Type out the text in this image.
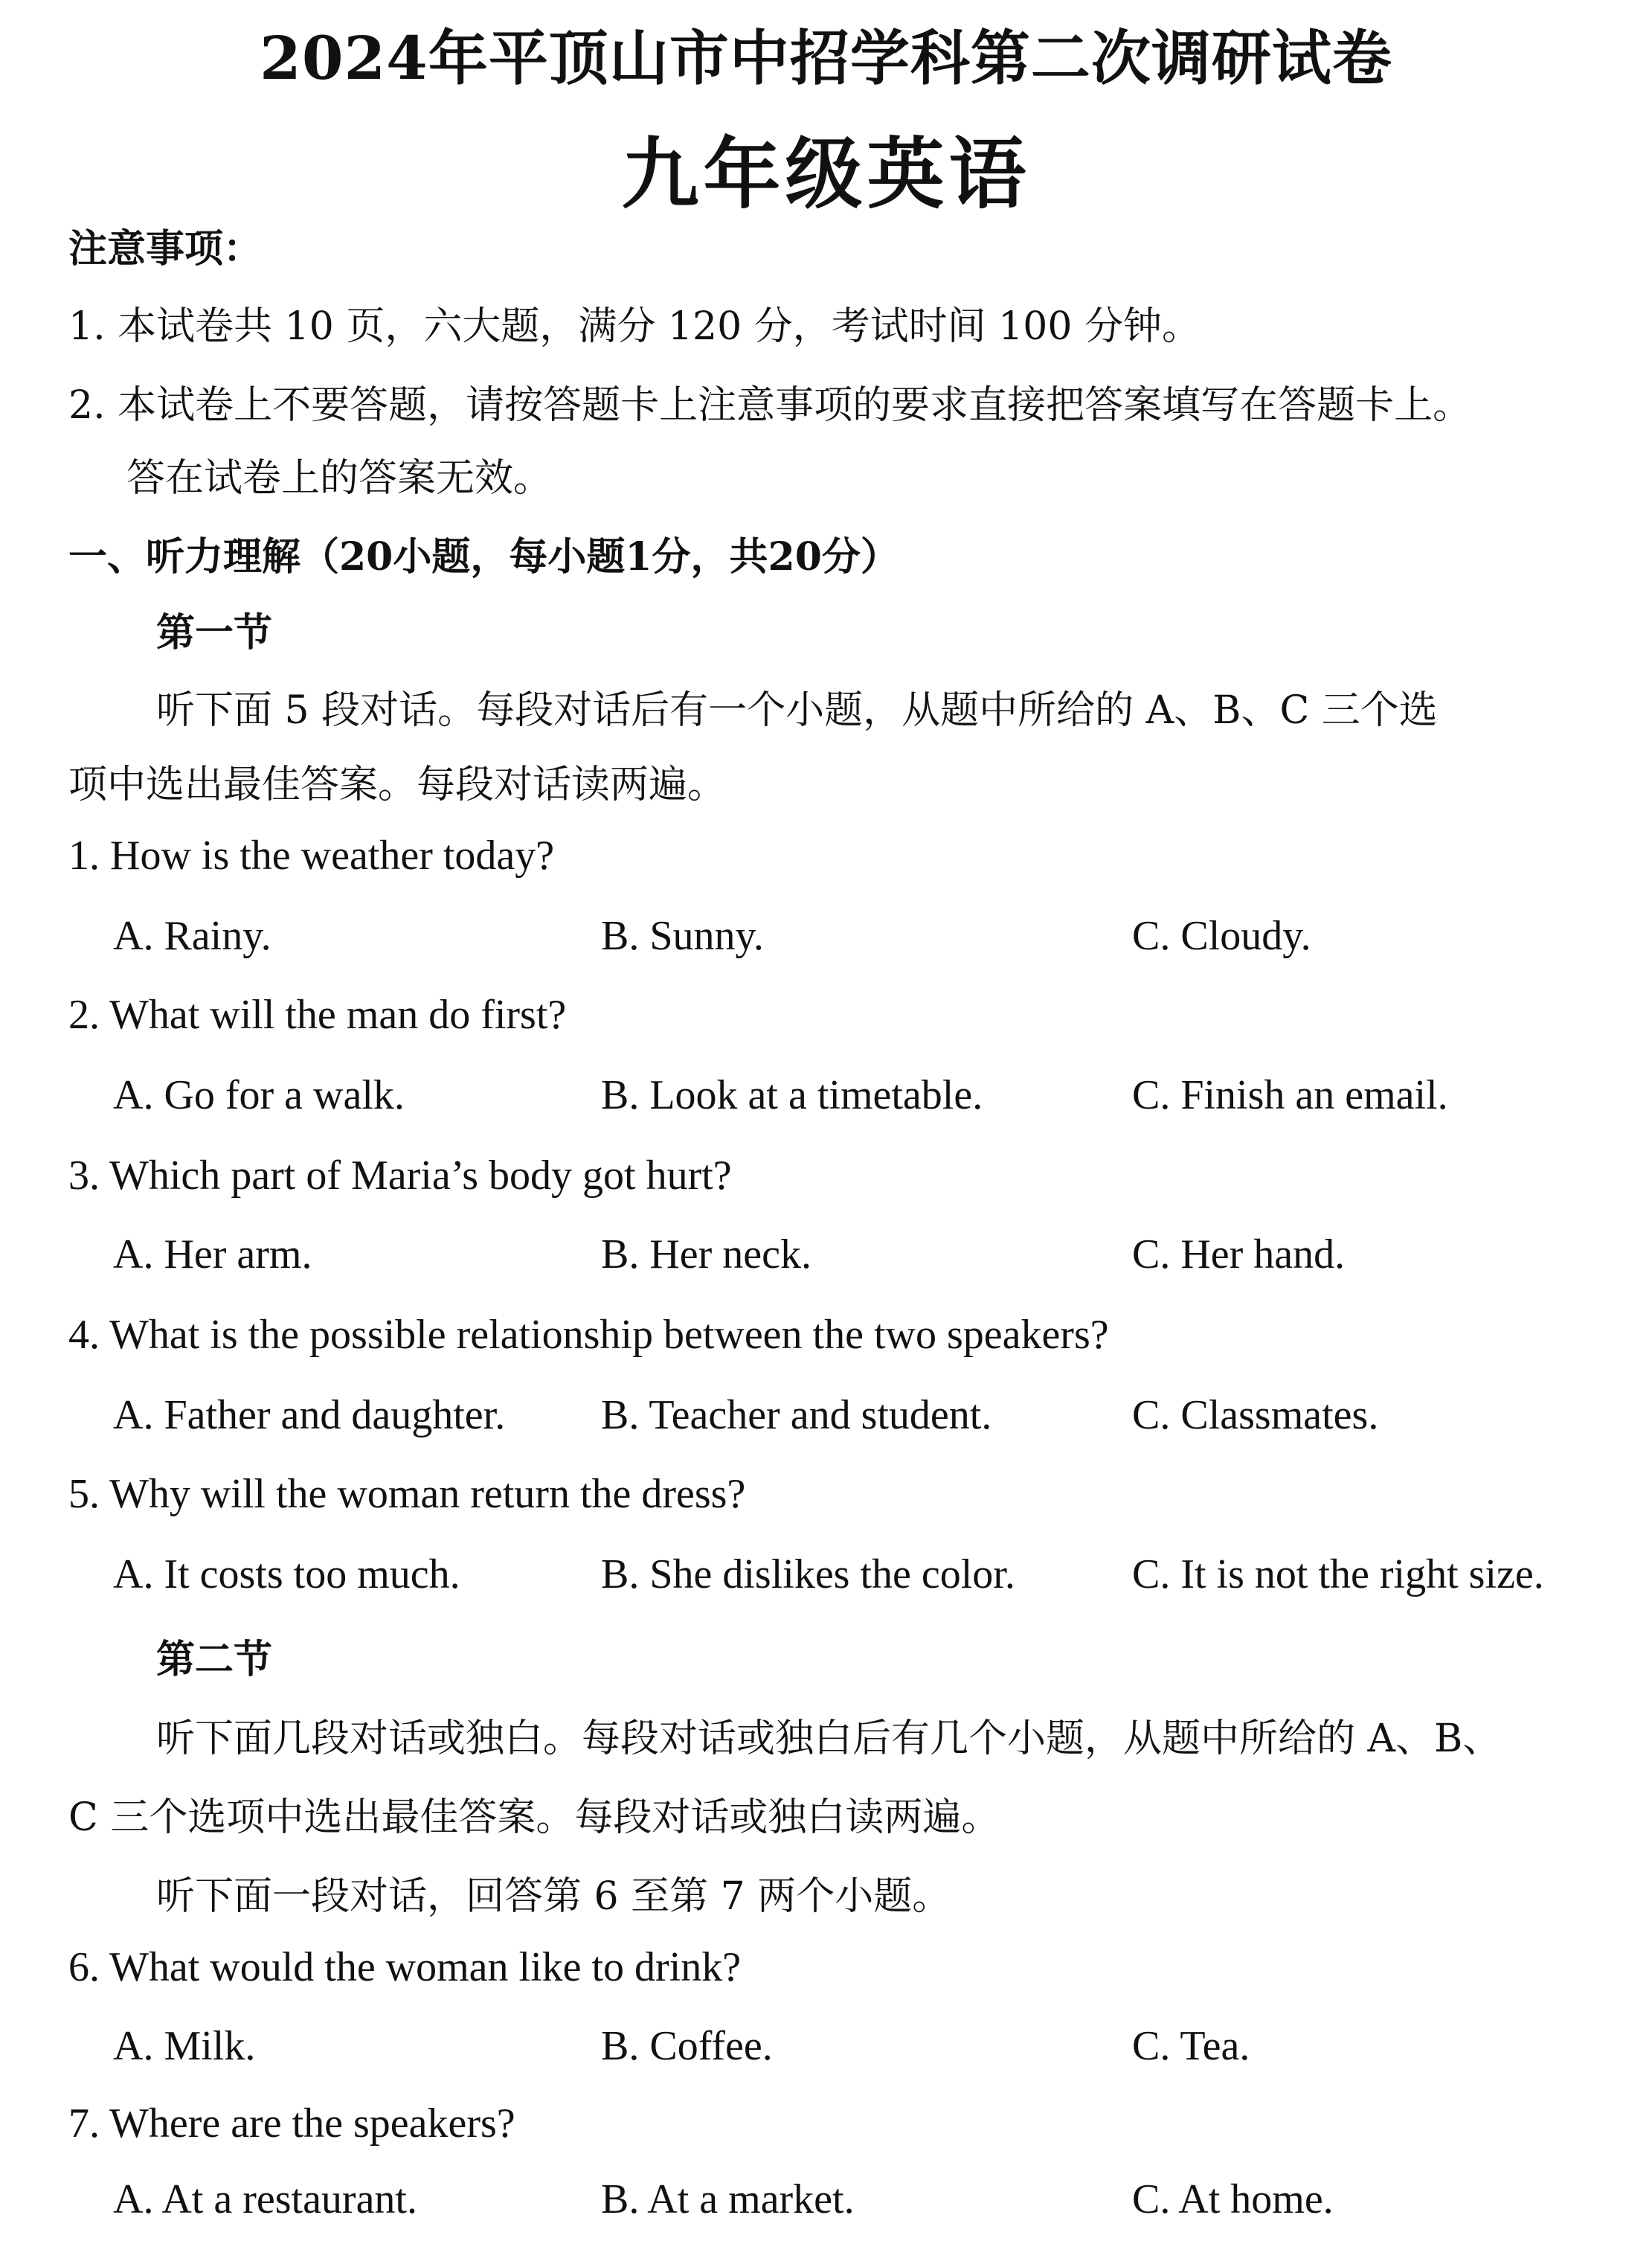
2024年平顶山市中招学科第二次调研试卷
九年级英语
注意事项：
1. 本试卷共 10 页，六大题，满分 120 分，考试时间 100 分钟。
2. 本试卷上不要答题，请按答题卡上注意事项的要求直接把答案填写在答题卡上。
答在试卷上的答案无效。
一、听力理解（20小题，每小题1分，共20分）
第一节
听下面 5 段对话。每段对话后有一个小题，从题中所给的 A、B、C 三个选
项中选出最佳答案。每段对话读两遍。
1. How is the weather today?
A. Rainy.	B. Sunny.	C. Cloudy.
2. What will the man do first?
A. Go for a walk.	B. Look at a timetable.	C. Finish an email.
3. Which part of Maria’s body got hurt?
A. Her arm.	B. Her neck.	C. Her hand.
4. What is the possible relationship between the two speakers?
A. Father and daughter. B. Teacher and student.	C. Classmates.
5. Why will the woman return the dress?
A. It costs too much.	B. She dislikes the color.	C. It is not the right size.
第二节
听下面几段对话或独白。每段对话或独白后有几个小题，从题中所给的 A、B、
C 三个选项中选出最佳答案。每段对话或独白读两遍。
听下面一段对话，回答第 6 至第 7 两个小题。
6. What would the woman like to drink?
A. Milk.	B. Coffee.	C. Tea.
7. Where are the speakers?
A. At a restaurant.	B. At a market.	C. At home.
